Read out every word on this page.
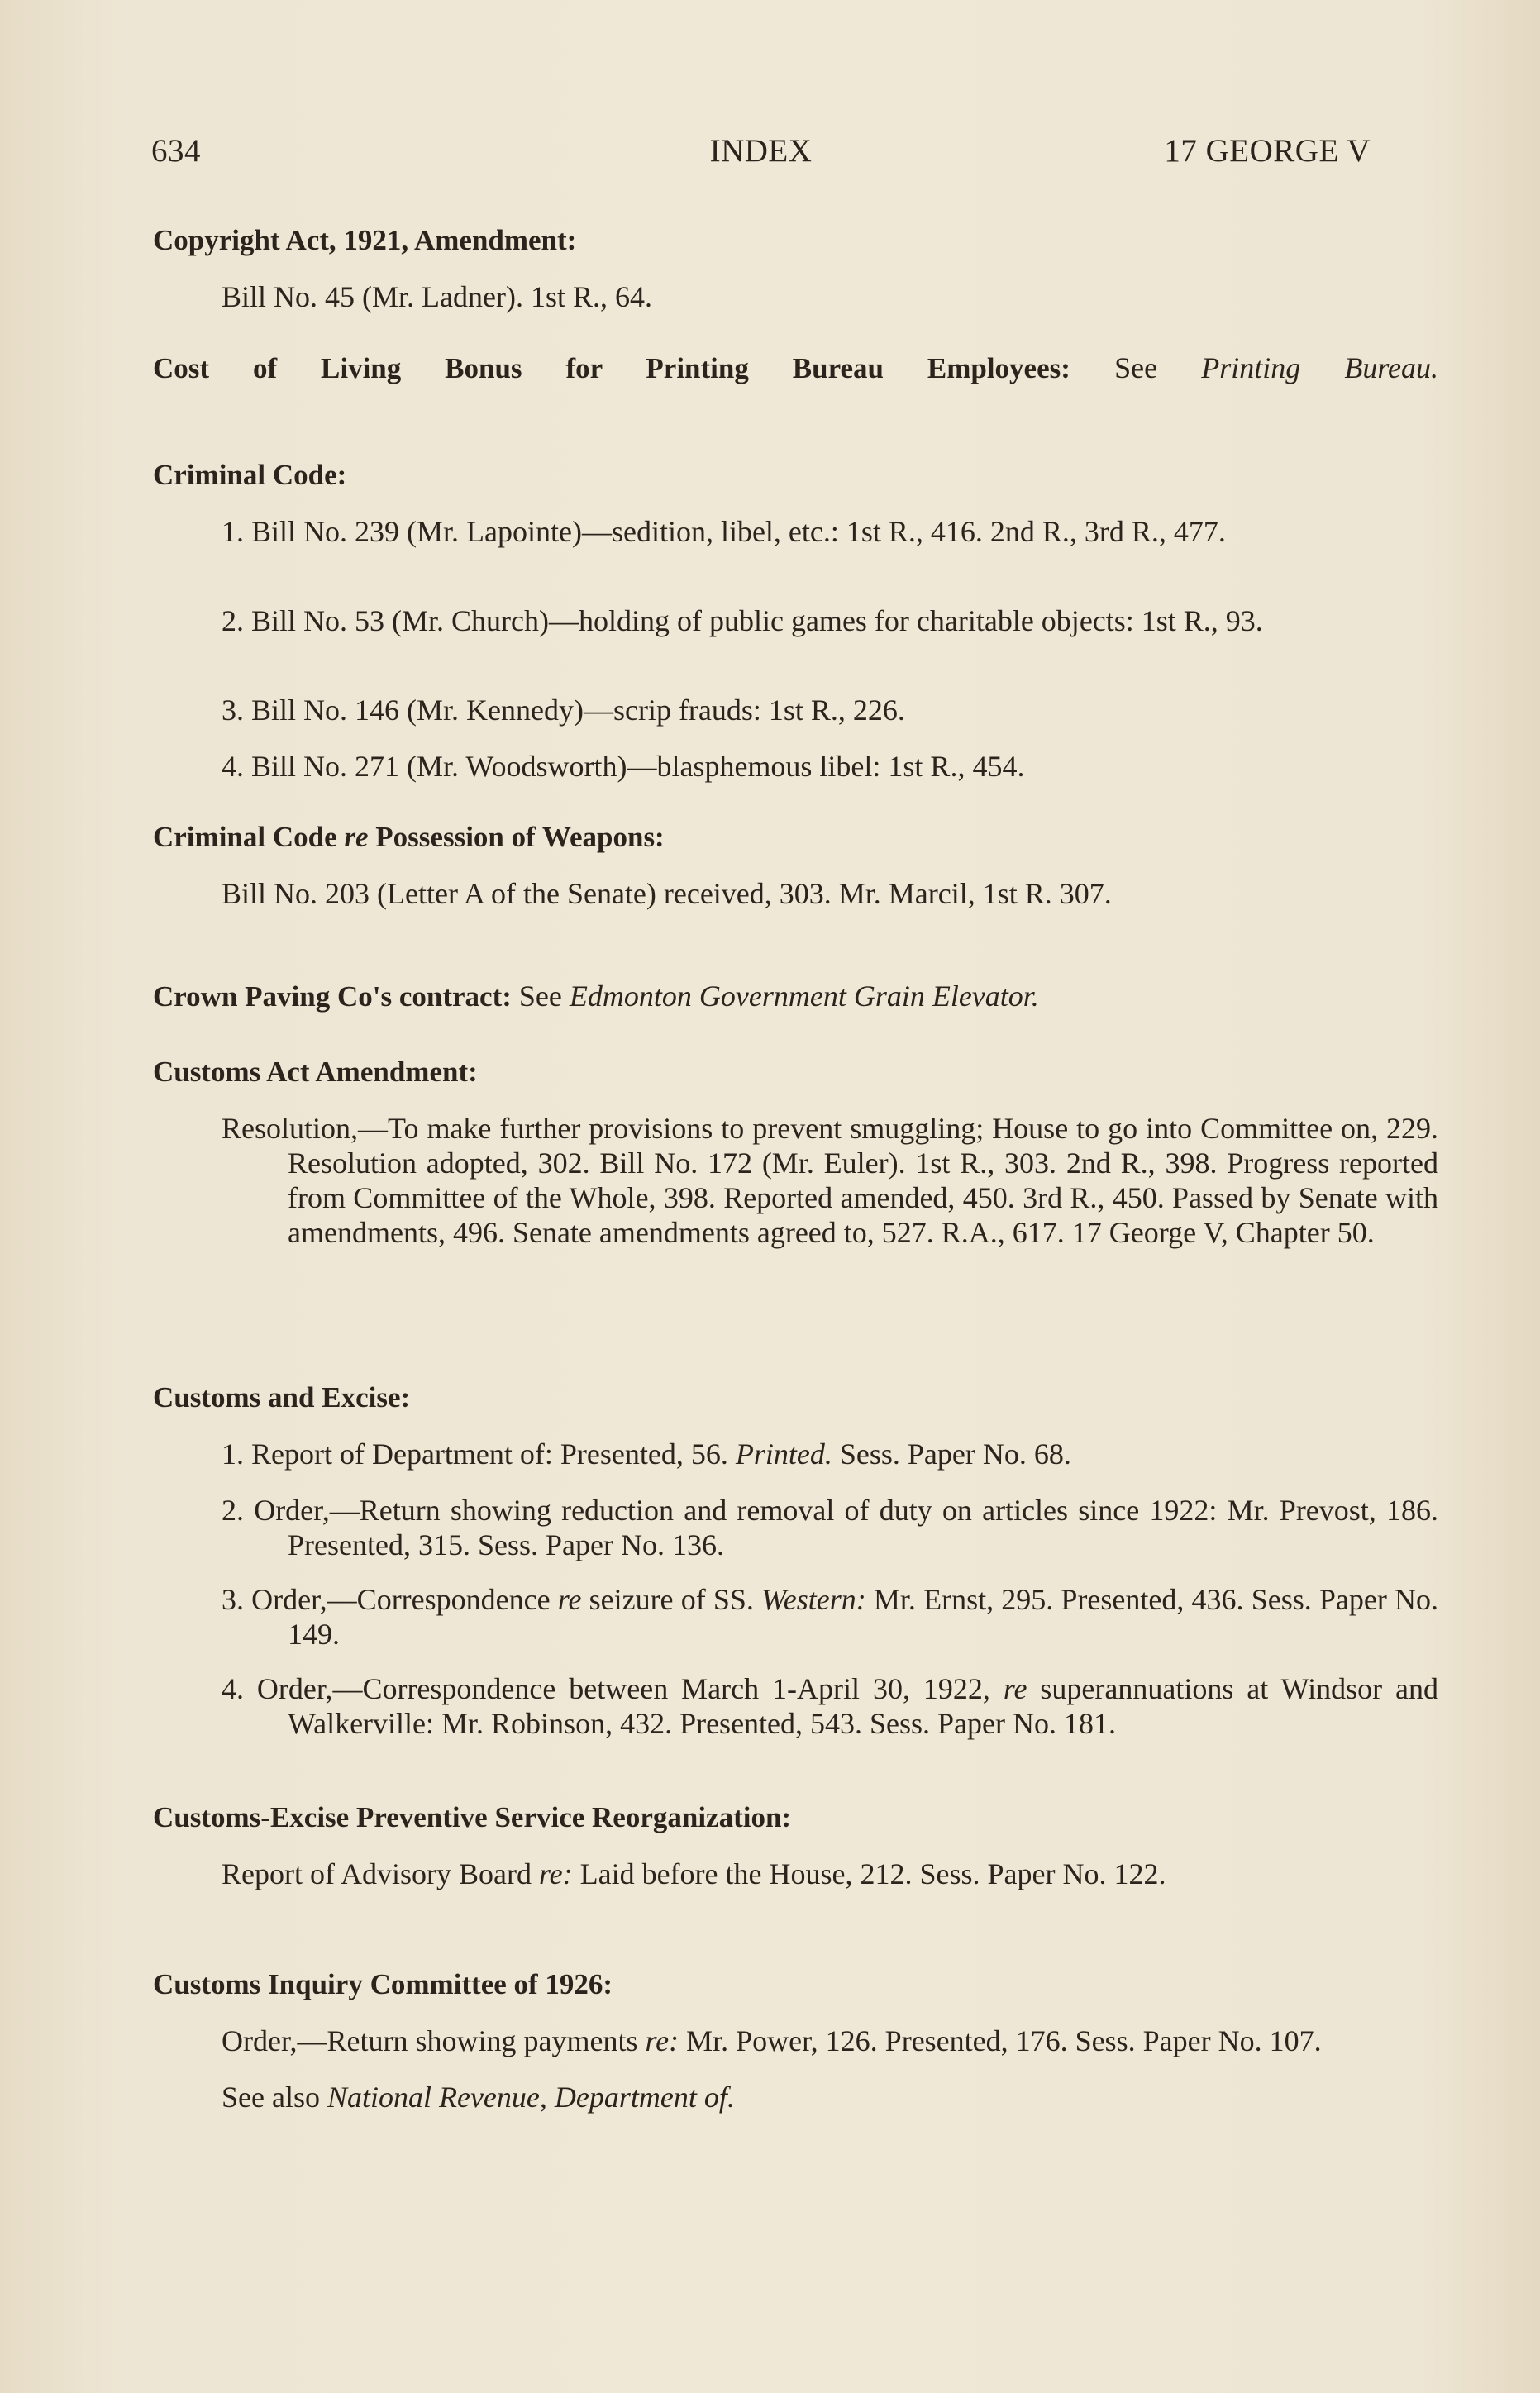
634	INDEX	17 GEORGE V
Copyright Act, 1921, Amendment:
Bill No. 45 (Mr. Ladner). 1st R., 64.
Cost of Living Bonus for Printing Bureau Employees: See Printing Bureau.
Criminal Code:
1. Bill No. 239 (Mr. Lapointe)—sedition, libel, etc.: 1st R., 416. 2nd R., 3rd R., 477.
2. Bill No. 53 (Mr. Church)—holding of public games for charitable objects: 1st R., 93.
3. Bill No. 146 (Mr. Kennedy)—scrip frauds: 1st R., 226.
4. Bill No. 271 (Mr. Woodsworth)—blasphemous libel: 1st R., 454.
Criminal Code re Possession of Weapons:
Bill No. 203 (Letter A of the Senate) received, 303. Mr. Marcil, 1st R. 307.
Crown Paving Co's contract: See Edmonton Government Grain Elevator.
Customs Act Amendment:
Resolution,—To make further provisions to prevent smuggling; House to go into Committee on, 229. Resolution adopted, 302. Bill No. 172 (Mr. Euler). 1st R., 303. 2nd R., 398. Progress reported from Committee of the Whole, 398. Reported amended, 450. 3rd R., 450. Passed by Senate with amendments, 496. Senate amendments agreed to, 527. R.A., 617. 17 George V, Chapter 50.
Customs and Excise:
1. Report of Department of: Presented, 56. Printed. Sess. Paper No. 68.
2. Order,—Return showing reduction and removal of duty on articles since 1922: Mr. Prevost, 186. Presented, 315. Sess. Paper No. 136.
3. Order,—Correspondence re seizure of SS. Western: Mr. Ernst, 295. Presented, 436. Sess. Paper No. 149.
4. Order,—Correspondence between March 1-April 30, 1922, re superannuations at Windsor and Walkerville: Mr. Robinson, 432. Presented, 543. Sess. Paper No. 181.
Customs-Excise Preventive Service Reorganization:
Report of Advisory Board re: Laid before the House, 212. Sess. Paper No. 122.
Customs Inquiry Committee of 1926:
Order,—Return showing payments re: Mr. Power, 126. Presented, 176. Sess. Paper No. 107.
See also National Revenue, Department of.
